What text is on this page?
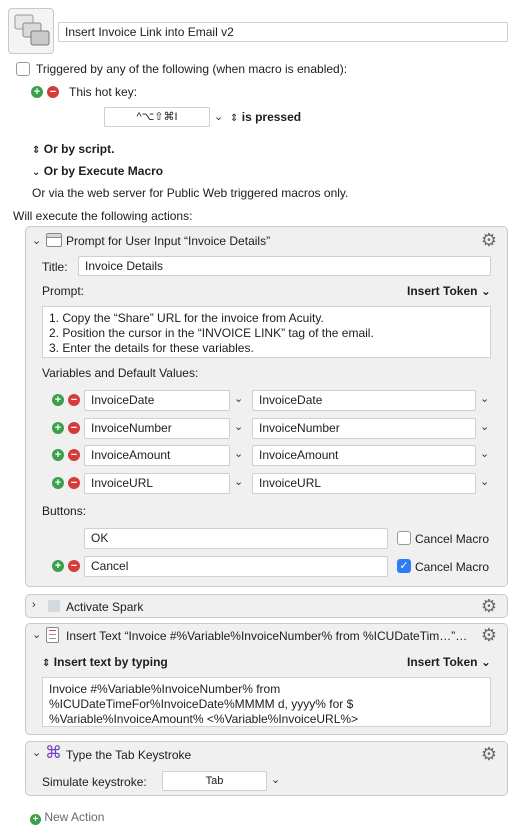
Insert Invoice Link into Email v2
Triggered by any of the following (when macro is enabled):
+ − This hot key:
^⌥⇧⌘I	⌄ ⇕ is pressed
⇕ Or by script.
⌄ Or by Execute Macro
Or via the web server for Public Web triggered macros only.
Will execute the following actions:
⌄ Prompt for User Input “Invoice Details”	⚙
Title:	Invoice Details
Prompt:	Insert Token ⌄
1. Copy the “Share” URL for the invoice from Acuity.
2. Position the cursor in the “INVOICE LINK” tag of the email.
3. Enter the details for these variables.
Variables and Default Values:
+ −	InvoiceDate	⌄	InvoiceDate	⌄
+ −	InvoiceNumber	⌄	InvoiceNumber	⌄
+ −	InvoiceAmount	⌄	InvoiceAmount	⌄
+ −	InvoiceURL	⌄	InvoiceURL	⌄
Buttons:
OK	Cancel Macro
+ −	Cancel	✓ Cancel Macro
›	Activate Spark	⚙
⌄ Insert Text “Invoice #%Variable%InvoiceNumber% from %ICUDateTim…”… ⚙
⇕ Insert text by typing	Insert Token ⌄
Invoice #%Variable%InvoiceNumber% from
%ICUDateTimeFor%InvoiceDate%MMMM d, yyyy% for $
%Variable%InvoiceAmount% <%Variable%InvoiceURL%>
⌄ ⌘ Type the Tab Keystroke	⚙
Simulate keystroke:	Tab	⌄
+ New Action
